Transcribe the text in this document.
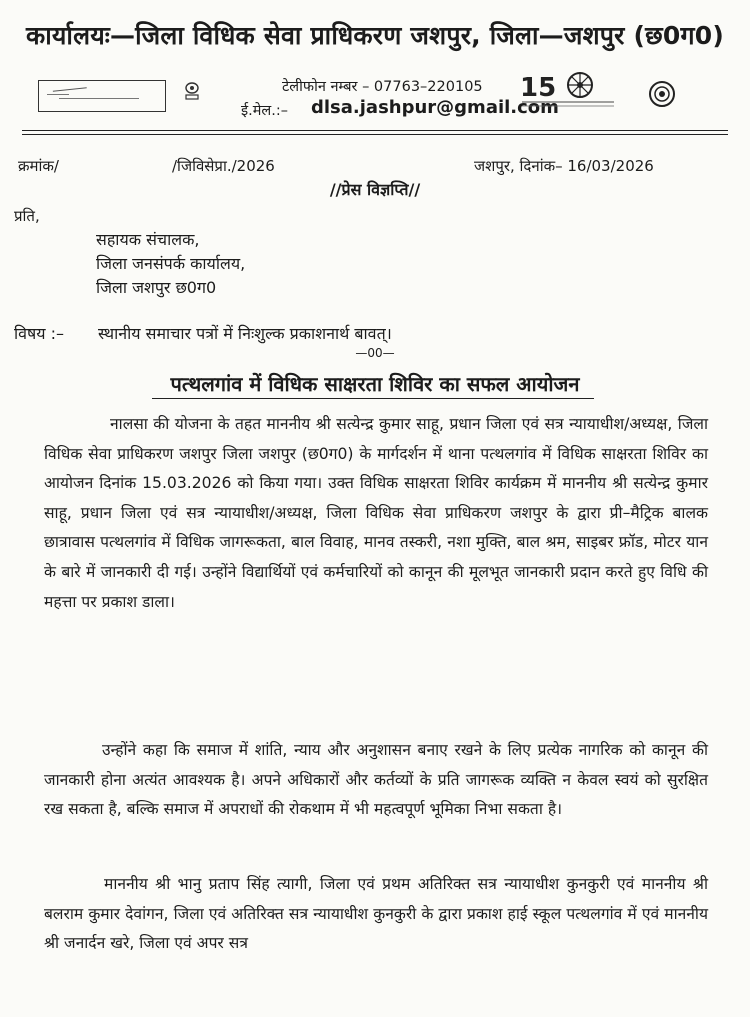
कार्यालयः—जिला विधिक सेवा प्राधिकरण जशपुर, जिला—जशपुर (छ0ग0)
टेलीफोन नम्बर – 07763–220105
ई.मेल.:– dlsa.jashpur@gmail.com
15
क्रमांक/	/जिविसेप्रा./2026	जशपुर, दिनांक– 16/03/2026
//प्रेस विज्ञप्ति//
प्रति,
सहायक संचालक,
जिला जनसंपर्क कार्यालय,
जिला जशपुर छ0ग0
विषय :– स्थानीय समाचार पत्रों में निःशुल्क प्रकाशनार्थ बावत्।
—00—
पत्थलगांव में विधिक साक्षरता शिविर का सफल आयोजन
नालसा की योजना के तहत माननीय श्री सत्येन्द्र कुमार साहू, प्रधान जिला एवं सत्र न्यायाधीश/अध्यक्ष, जिला विधिक सेवा प्राधिकरण जशपुर जिला जशपुर (छ0ग0) के मार्गदर्शन में थाना पत्थलगांव में विधिक साक्षरता शिविर का आयोजन दिनांक 15.03.2026 को किया गया। उक्त विधिक साक्षरता शिविर कार्यक्रम में माननीय श्री सत्येन्द्र कुमार साहू, प्रधान जिला एवं सत्र न्यायाधीश/अध्यक्ष, जिला विधिक सेवा प्राधिकरण जशपुर के द्वारा प्री–मैट्रिक बालक छात्रावास पत्थलगांव में विधिक जागरूकता, बाल विवाह, मानव तस्करी, नशा मुक्ति, बाल श्रम, साइबर फ्रॉड, मोटर यान के बारे में जानकारी दी गई। उन्होंने विद्यार्थियों एवं कर्मचारियों को कानून की मूलभूत जानकारी प्रदान करते हुए विधि की महत्ता पर प्रकाश डाला।
उन्होंने कहा कि समाज में शांति, न्याय और अनुशासन बनाए रखने के लिए प्रत्येक नागरिक को कानून की जानकारी होना अत्यंत आवश्यक है। अपने अधिकारों और कर्तव्यों के प्रति जागरूक व्यक्ति न केवल स्वयं को सुरक्षित रख सकता है, बल्कि समाज में अपराधों की रोकथाम में भी महत्वपूर्ण भूमिका निभा सकता है।
माननीय श्री भानु प्रताप सिंह त्यागी, जिला एवं प्रथम अतिरिक्त सत्र न्यायाधीश कुनकुरी एवं माननीय श्री बलराम कुमार देवांगन, जिला एवं अतिरिक्त सत्र न्यायाधीश कुनकुरी के द्वारा प्रकाश हाई स्कूल पत्थलगांव में एवं माननीय श्री जनार्दन खरे, जिला एवं अपर सत्र
